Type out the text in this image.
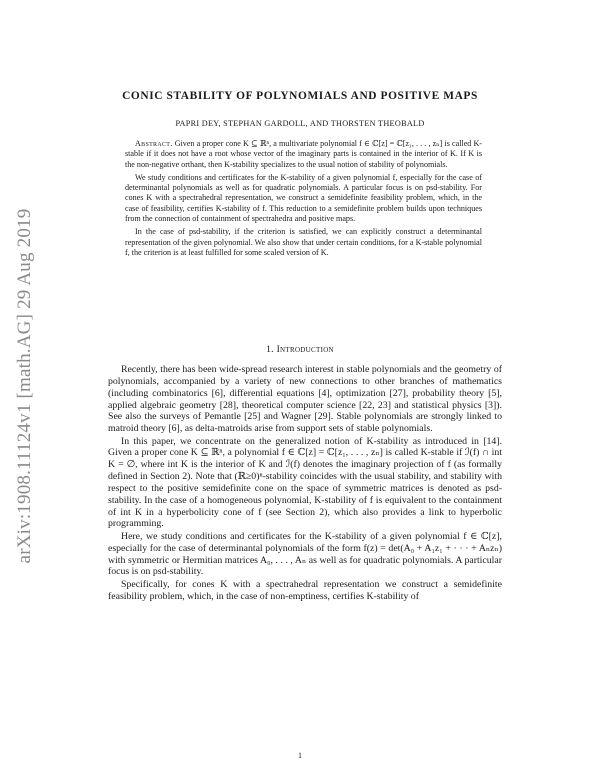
arXiv:1908.11124v1 [math.AG] 29 Aug 2019
CONIC STABILITY OF POLYNOMIALS AND POSITIVE MAPS
PAPRI DEY, STEPHAN GARDOLL, AND THORSTEN THEOBALD

Abstract. Given a proper cone K ⊆ ℝⁿ, a multivariate polynomial f ∈ ℂ[z] = ℂ[z₁, . . . , zₙ] is called K-stable if it does not have a root whose vector of the imaginary parts is contained in the interior of K. If K is the non-negative orthant, then K-stability specializes to the usual notion of stability of polynomials.

We study conditions and certificates for the K-stability of a given polynomial f, especially for the case of determinantal polynomials as well as for quadratic polynomials. A particular focus is on psd-stability. For cones K with a spectrahedral representation, we construct a semidefinite feasibility problem, which, in the case of feasibility, certifies K-stability of f. This reduction to a semidefinite problem builds upon techniques from the connection of containment of spectrahedra and positive maps.

In the case of psd-stability, if the criterion is satisfied, we can explicitly construct a determinantal representation of the given polynomial. We also show that under certain conditions, for a K-stable polynomial f, the criterion is at least fulfilled for some scaled version of K.

1. Introduction

Recently, there has been wide-spread research interest in stable polynomials and the geometry of polynomials, accompanied by a variety of new connections to other branches of mathematics (including combinatorics [6], differential equations [4], optimization [27], probability theory [5], applied algebraic geometry [28], theoretical computer science [22, 23] and statistical physics [3]). See also the surveys of Pemantle [25] and Wagner [29]. Stable polynomials are strongly linked to matroid theory [6], as delta-matroids arise from support sets of stable polynomials.

In this paper, we concentrate on the generalized notion of K-stability as introduced in [14]. Given a proper cone K ⊆ ℝⁿ, a polynomial f ∈ ℂ[z] = ℂ[z₁, . . . , zₙ] is called K-stable if ℐ(f) ∩ int K = ∅, where int K is the interior of K and ℐ(f) denotes the imaginary projection of f (as formally defined in Section 2). Note that (ℝ≥0)ⁿ-stability coincides with the usual stability, and stability with respect to the positive semidefinite cone on the space of symmetric matrices is denoted as psd-stability. In the case of a homogeneous polynomial, K-stability of f is equivalent to the containment of int K in a hyperbolicity cone of f (see Section 2), which also provides a link to hyperbolic programming.

Here, we study conditions and certificates for the K-stability of a given polynomial f ∈ ℂ[z], especially for the case of determinantal polynomials of the form f(z) = det(A₀ + A₁z₁ + · · · + Aₙzₙ) with symmetric or Hermitian matrices A₀, . . . , Aₙ as well as for quadratic polynomials. A particular focus is on psd-stability.

Specifically, for cones K with a spectrahedral representation we construct a semidefinite feasibility problem, which, in the case of non-emptiness, certifies K-stability of

1
